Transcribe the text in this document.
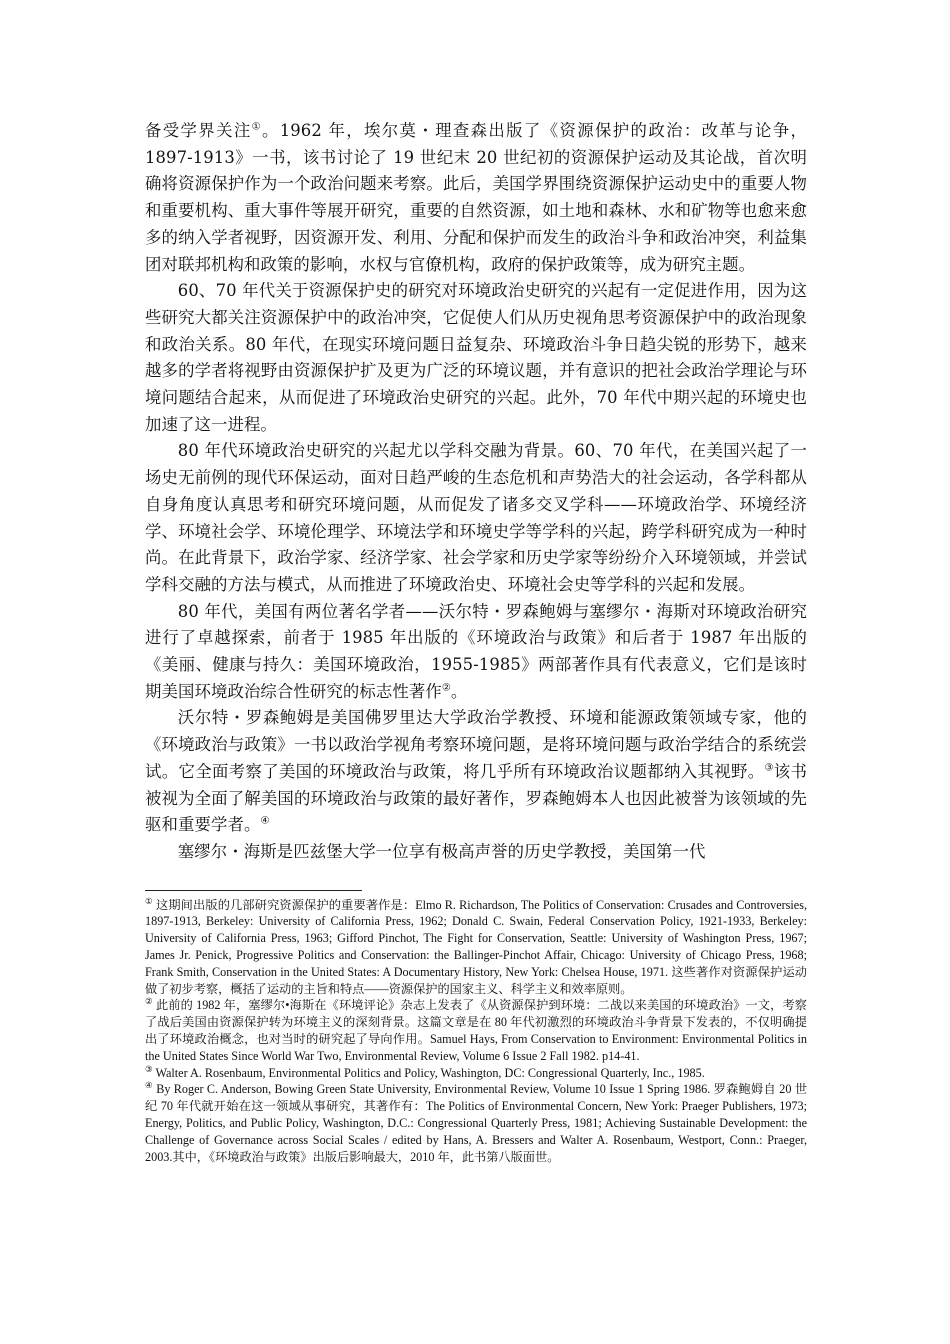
备受学界关注①。1962 年，埃尔莫・理查森出版了《资源保护的政治：改革与论争，1897-1913》一书，该书讨论了 19 世纪末 20 世纪初的资源保护运动及其论战，首次明确将资源保护作为一个政治问题来考察。此后，美国学界围绕资源保护运动史中的重要人物和重要机构、重大事件等展开研究，重要的自然资源，如土地和森林、水和矿物等也愈来愈多的纳入学者视野，因资源开发、利用、分配和保护而发生的政治斗争和政治冲突，利益集团对联邦机构和政策的影响，水权与官僚机构，政府的保护政策等，成为研究主题。

60、70 年代关于资源保护史的研究对环境政治史研究的兴起有一定促进作用，因为这些研究大都关注资源保护中的政治冲突，它促使人们从历史视角思考资源保护中的政治现象和政治关系。80 年代，在现实环境问题日益复杂、环境政治斗争日趋尖锐的形势下，越来越多的学者将视野由资源保护扩及更为广泛的环境议题，并有意识的把社会政治学理论与环境问题结合起来，从而促进了环境政治史研究的兴起。此外，70 年代中期兴起的环境史也加速了这一进程。

80 年代环境政治史研究的兴起尤以学科交融为背景。60、70 年代，在美国兴起了一场史无前例的现代环保运动，面对日趋严峻的生态危机和声势浩大的社会运动，各学科都从自身角度认真思考和研究环境问题，从而促发了诸多交叉学科——环境政治学、环境经济学、环境社会学、环境伦理学、环境法学和环境史学等学科的兴起，跨学科研究成为一种时尚。在此背景下，政治学家、经济学家、社会学家和历史学家等纷纷介入环境领域，并尝试学科交融的方法与模式，从而推进了环境政治史、环境社会史等学科的兴起和发展。

80 年代，美国有两位著名学者——沃尔特・罗森鲍姆与塞缪尔・海斯对环境政治研究进行了卓越探索，前者于 1985 年出版的《环境政治与政策》和后者于 1987 年出版的《美丽、健康与持久：美国环境政治，1955-1985》两部著作具有代表意义，它们是该时期美国环境政治综合性研究的标志性著作②。

沃尔特・罗森鲍姆是美国佛罗里达大学政治学教授、环境和能源政策领域专家，他的《环境政治与政策》一书以政治学视角考察环境问题，是将环境问题与政治学结合的系统尝试。它全面考察了美国的环境政治与政策，将几乎所有环境政治议题都纳入其视野。③该书被视为全面了解美国的环境政治与政策的最好著作，罗森鲍姆本人也因此被誉为该领域的先驱和重要学者。④

塞缪尔・海斯是匹兹堡大学一位享有极高声誉的历史学教授，美国第一代

① 这期间出版的几部研究资源保护的重要著作是：Elmo R. Richardson, The Politics of Conservation: Crusades and Controversies, 1897-1913, Berkeley: University of California Press, 1962; Donald C. Swain, Federal Conservation Policy, 1921-1933, Berkeley: University of California Press, 1963; Gifford Pinchot, The Fight for Conservation, Seattle: University of Washington Press, 1967; James Jr. Penick, Progressive Politics and Conservation: the Ballinger-Pinchot Affair, Chicago: University of Chicago Press, 1968; Frank Smith, Conservation in the United States: A Documentary History, New York: Chelsea House, 1971. 这些著作对资源保护运动做了初步考察，概括了运动的主旨和特点——资源保护的国家主义、科学主义和效率原则。

② 此前的 1982 年，塞缪尔•海斯在《环境评论》杂志上发表了《从资源保护到环境：二战以来美国的环境政治》一文，考察了战后美国由资源保护转为环境主义的深刻背景。这篇文章是在 80 年代初激烈的环境政治斗争背景下发表的，不仅明确提出了环境政治概念，也对当时的研究起了导向作用。Samuel Hays, From Conservation to Environment: Environmental Politics in the United States Since World War Two, Environmental Review, Volume 6 Issue 2 Fall 1982. p14-41.

③ Walter A. Rosenbaum, Environmental Politics and Policy, Washington, DC: Congressional Quarterly, Inc., 1985.

④ By Roger C. Anderson, Bowing Green State University, Environmental Review, Volume 10 Issue 1 Spring 1986. 罗森鲍姆自 20 世纪 70 年代就开始在这一领域从事研究，其著作有：The Politics of Environmental Concern, New York: Praeger Publishers, 1973; Energy, Politics, and Public Policy, Washington, D.C.: Congressional Quarterly Press, 1981; Achieving Sustainable Development: the Challenge of Governance across Social Scales / edited by Hans, A. Bressers and Walter A. Rosenbaum, Westport, Conn.: Praeger, 2003.其中，《环境政治与政策》出版后影响最大，2010 年，此书第八版面世。
